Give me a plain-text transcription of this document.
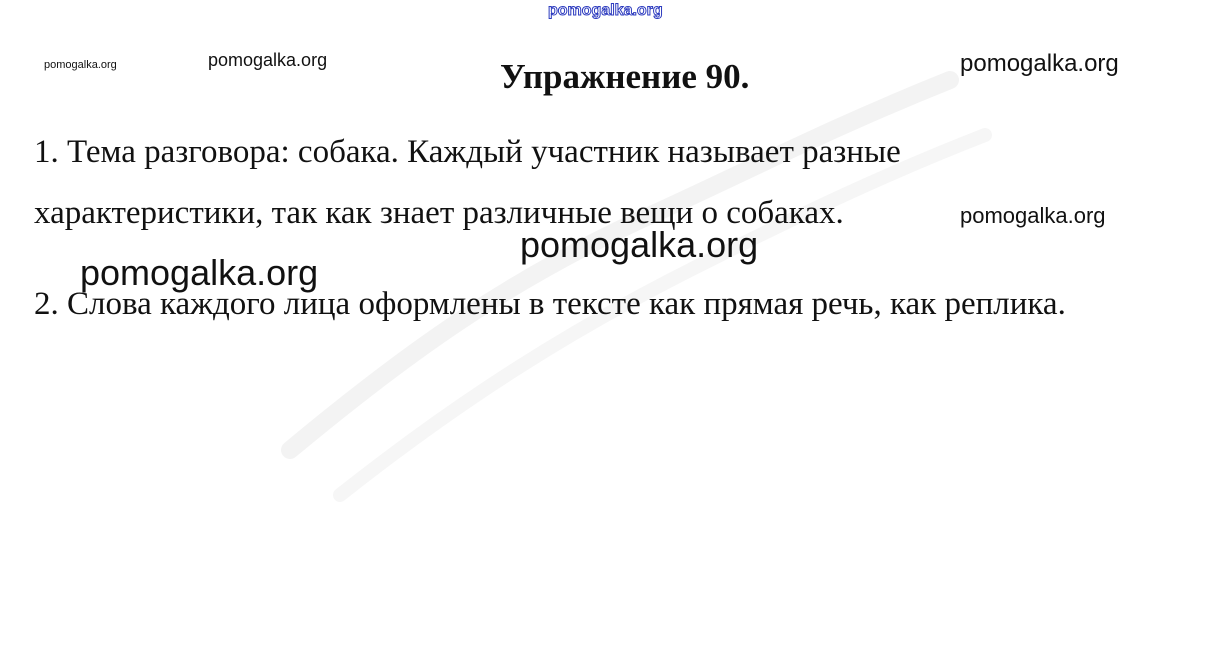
pomogalka.org
pomogalka.org	pomogalka.org	pomogalka.org
pomogalka.org
pomogalka.org
pomogalka.org
Упражнение 90.
1. Тема разговора: собака. Каждый участник называет разные
характеристики, так как знает различные вещи о собаках.
2. Слова каждого лица оформлены в тексте как прямая речь, как реплика.
